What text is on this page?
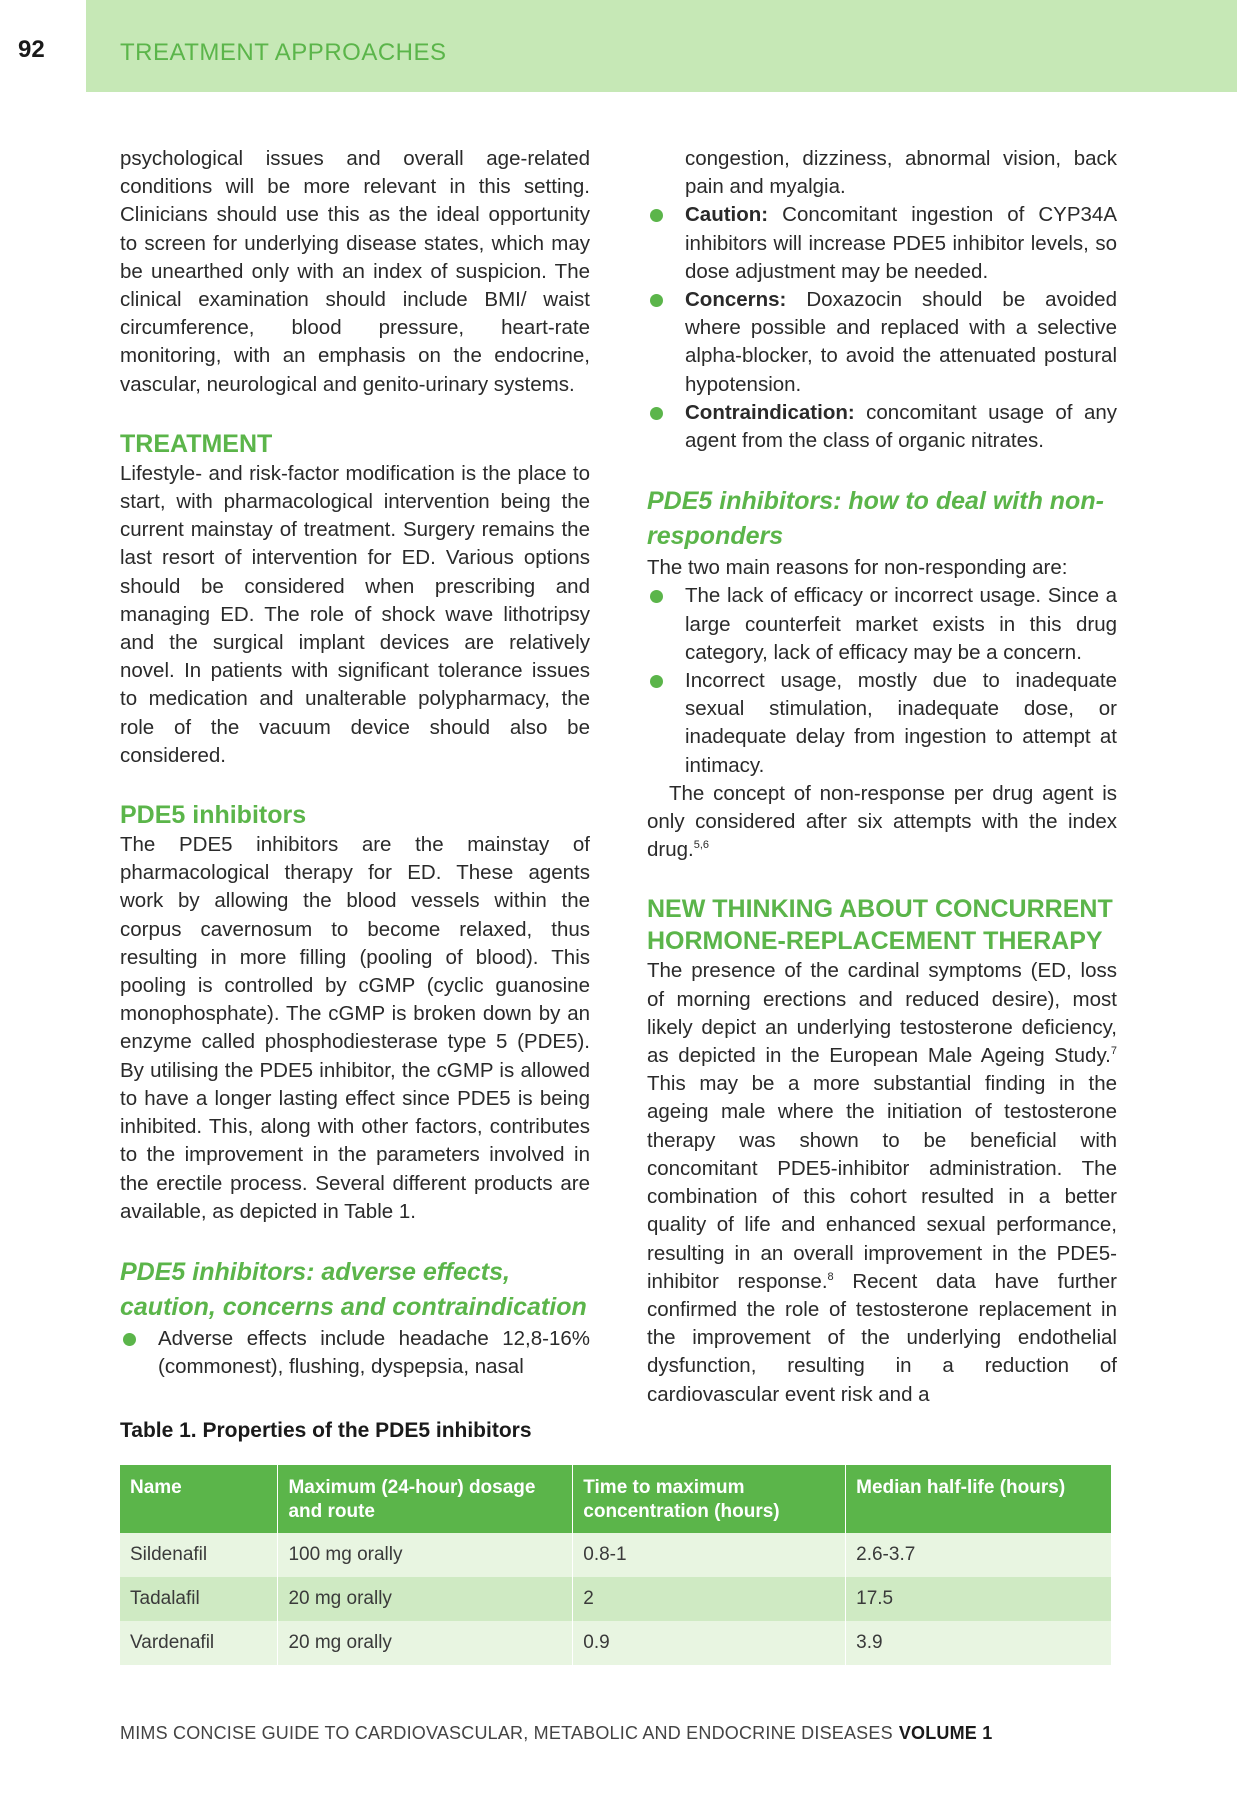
92	TREATMENT APPROACHES

psychological issues and overall age-related conditions will be more relevant in this setting. Clinicians should use this as the ideal opportunity to screen for underlying disease states, which may be unearthed only with an index of suspicion. The clinical examination should include BMI/ waist circumference, blood pressure, heart-rate monitoring, with an emphasis on the endocrine, vascular, neurological and genito-urinary systems.

TREATMENT

Lifestyle- and risk-factor modification is the place to start, with pharmacological intervention being the current mainstay of treatment. Surgery remains the last resort of intervention for ED. Various options should be considered when prescribing and managing ED. The role of shock wave lithotripsy and the surgical implant devices are relatively novel. In patients with significant tolerance issues to medication and unalterable polypharmacy, the role of the vacuum device should also be considered.

PDE5 inhibitors

The PDE5 inhibitors are the mainstay of pharmacological therapy for ED. These agents work by allowing the blood vessels within the corpus cavernosum to become relaxed, thus resulting in more filling (pooling of blood). This pooling is controlled by cGMP (cyclic guanosine monophosphate). The cGMP is broken down by an enzyme called phosphodiesterase type 5 (PDE5). By utilising the PDE5 inhibitor, the cGMP is allowed to have a longer lasting effect since PDE5 is being inhibited. This, along with other factors, contributes to the improvement in the parameters involved in the erectile process. Several different products are available, as depicted in Table 1.

PDE5 inhibitors: adverse effects, caution, concerns and contraindication
Adverse effects include headache 12,8-16% (commonest), flushing, dyspepsia, nasal
congestion, dizziness, abnormal vision, back pain and myalgia.
Caution: Concomitant ingestion of CYP34A inhibitors will increase PDE5 inhibitor levels, so dose adjustment may be needed.
Concerns: Doxazocin should be avoided where possible and replaced with a selective alpha-blocker, to avoid the attenuated postural hypotension.
Contraindication: concomitant usage of any agent from the class of organic nitrates.
PDE5 inhibitors: how to deal with non-responders

The two main reasons for non-responding are:

The lack of efficacy or incorrect usage. Since a large counterfeit market exists in this drug category, lack of efficacy may be a concern.
Incorrect usage, mostly due to inadequate sexual stimulation, inadequate dose, or inadequate delay from ingestion to attempt at intimacy.

The concept of non-response per drug agent is only considered after six attempts with the index drug.$^{5,6}$

NEW THINKING ABOUT CONCURRENT HORMONE-REPLACEMENT THERAPY

The presence of the cardinal symptoms (ED, loss of morning erections and reduced desire), most likely depict an underlying testosterone deficiency, as depicted in the European Male Ageing Study.$^7$ This may be a more substantial finding in the ageing male where the initiation of testosterone therapy was shown to be beneficial with concomitant PDE5-inhibitor administration. The combination of this cohort resulted in a better quality of life and enhanced sexual performance, resulting in an overall improvement in the PDE5-inhibitor response.$^8$ Recent data have further confirmed the role of testosterone replacement in the improvement of the underlying endothelial dysfunction, resulting in a reduction of cardiovascular event risk and a

Table 1. Properties of the PDE5 inhibitors
Name	Maximum (24-hour) dosage and route	Time to maximum concentration (hours)	Median half-life (hours)
Sildenafil	100 mg orally	0.8-1	2.6-3.7
Tadalafil	20 mg orally	2	17.5
Vardenafil	20 mg orally	0.9	3.9
MIMS CONCISE GUIDE TO CARDIOVASCULAR, METABOLIC AND ENDOCRINE DISEASES VOLUME 1
